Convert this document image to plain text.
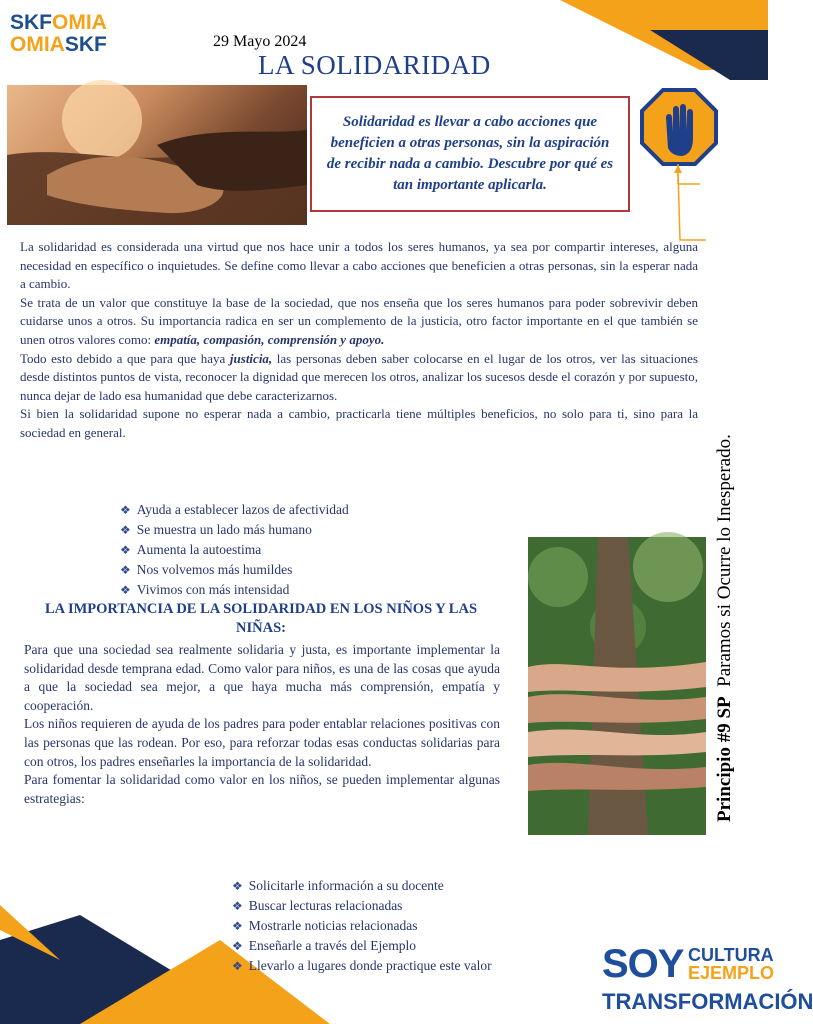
SKFOMIA
OMIASKF	29 Mayo 2024
LA SOLIDARIDAD
Solidaridad es llevar a cabo acciones que beneficien a otras personas, sin la aspiración de recibir nada a cambio. Descubre por qué es tan importante aplicarla.

La solidaridad es considerada una virtud que nos hace unir a todos los seres humanos, ya sea por compartir intereses, alguna necesidad en específico o inquietudes. Se define como llevar a cabo acciones que beneficien a otras personas, sin la esperar nada a cambio.

Se trata de un valor que constituye la base de la sociedad, que nos enseña que los seres humanos para poder sobrevivir deben cuidarse unos a otros. Su importancia radica en ser un complemento de la justicia, otro factor importante en el que también se unen otros valores como: empatía, compasión, comprensión y apoyo.

Todo esto debido a que para que haya justicia, las personas deben saber colocarse en el lugar de los otros, ver las situaciones desde distintos puntos de vista, reconocer la dignidad que merecen los otros, analizar los sucesos desde el corazón y por supuesto, nunca dejar de lado esa humanidad que debe caracterizarnos.

Si bien la solidaridad supone no esperar nada a cambio, practicarla tiene múltiples beneficios, no solo para ti, sino para la sociedad en general.

❖ Ayuda a establecer lazos de afectividad
❖ Se muestra un lado más humano
❖ Aumenta la autoestima
❖ Nos volvemos más humildes
❖ Vivimos con más intensidad
LA IMPORTANCIA DE LA SOLIDARIDAD EN LOS NIÑOS Y LAS NIÑAS:

Para que una sociedad sea realmente solidaria y justa, es importante implementar la solidaridad desde temprana edad. Como valor para niños, es una de las cosas que ayuda a que la sociedad sea mejor, a que haya mucha más comprensión, empatía y cooperación.

Los niños requieren de ayuda de los padres para poder entablar relaciones positivas con las personas que las rodean. Por eso, para reforzar todas esas conductas solidarias para con otros, los padres enseñarles la importancia de la solidaridad.

Para fomentar la solidaridad como valor en los niños, se pueden implementar algunas estrategias:	Principio #9 SP  Paramos si Ocurre lo Inesperado.
❖ Solicitarle información a su docente
❖ Buscar lecturas relacionadas
❖ Mostrarle noticias relacionadas
❖ Enseñarle a través del Ejemplo
❖ Llevarlo a lugares donde practique este valor	SOY CULTURA
EJEMPLO
TRANSFORMACIÓN
